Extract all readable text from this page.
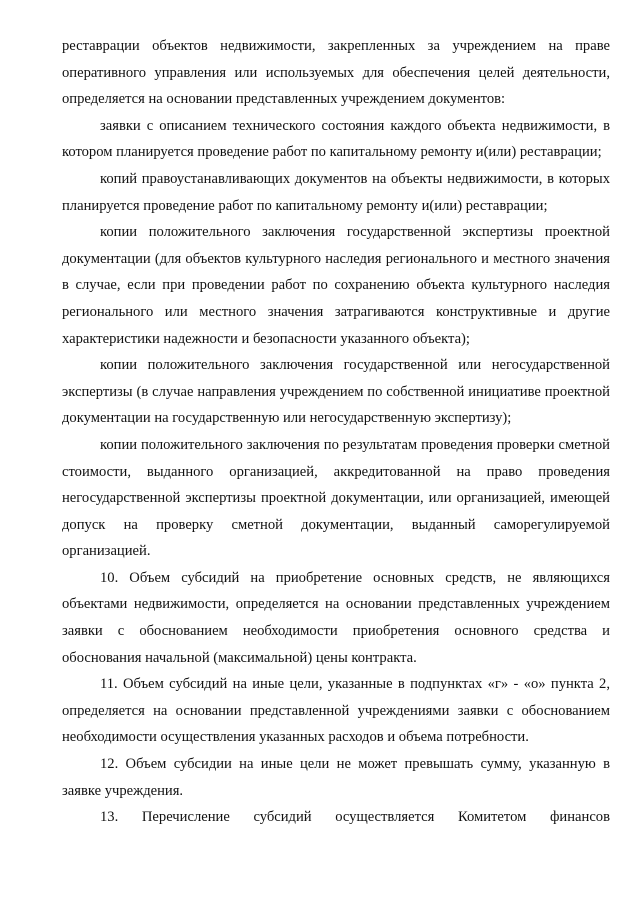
реставрации объектов недвижимости, закрепленных за учреждением на праве оперативного управления или используемых для обеспечения целей деятельности, определяется на основании представленных учреждением документов:

заявки с описанием технического состояния каждого объекта недвижимости, в котором планируется проведение работ по капитальному ремонту и(или) реставрации;

копий правоустанавливающих документов на объекты недвижимости, в которых планируется проведение работ по капитальному ремонту и(или) реставрации;

копии положительного заключения государственной экспертизы проектной документации (для объектов культурного наследия регионального и местного значения в случае, если при проведении работ по сохранению объекта культурного наследия регионального или местного значения затрагиваются конструктивные и другие характеристики надежности и безопасности указанного объекта);

копии положительного заключения государственной или негосударственной экспертизы (в случае направления учреждением по собственной инициативе проектной документации на государственную или негосударственную экспертизу);

копии положительного заключения по результатам проведения проверки сметной стоимости, выданного организацией, аккредитованной на право проведения негосударственной экспертизы проектной документации, или организацией, имеющей допуск на проверку сметной документации, выданный саморегулируемой организацией.

10. Объем субсидий на приобретение основных средств, не являющихся объектами недвижимости, определяется на основании представленных учреждением заявки с обоснованием необходимости приобретения основного средства и обоснования начальной (максимальной) цены контракта.

11. Объем субсидий на иные цели, указанные в подпунктах «г» - «о» пункта 2, определяется на основании представленной учреждениями заявки с обоснованием необходимости осуществления указанных расходов и объема потребности.

12. Объем субсидии на иные цели не может превышать сумму, указанную в заявке учреждения.

13. Перечисление субсидий осуществляется Комитетом финансов
